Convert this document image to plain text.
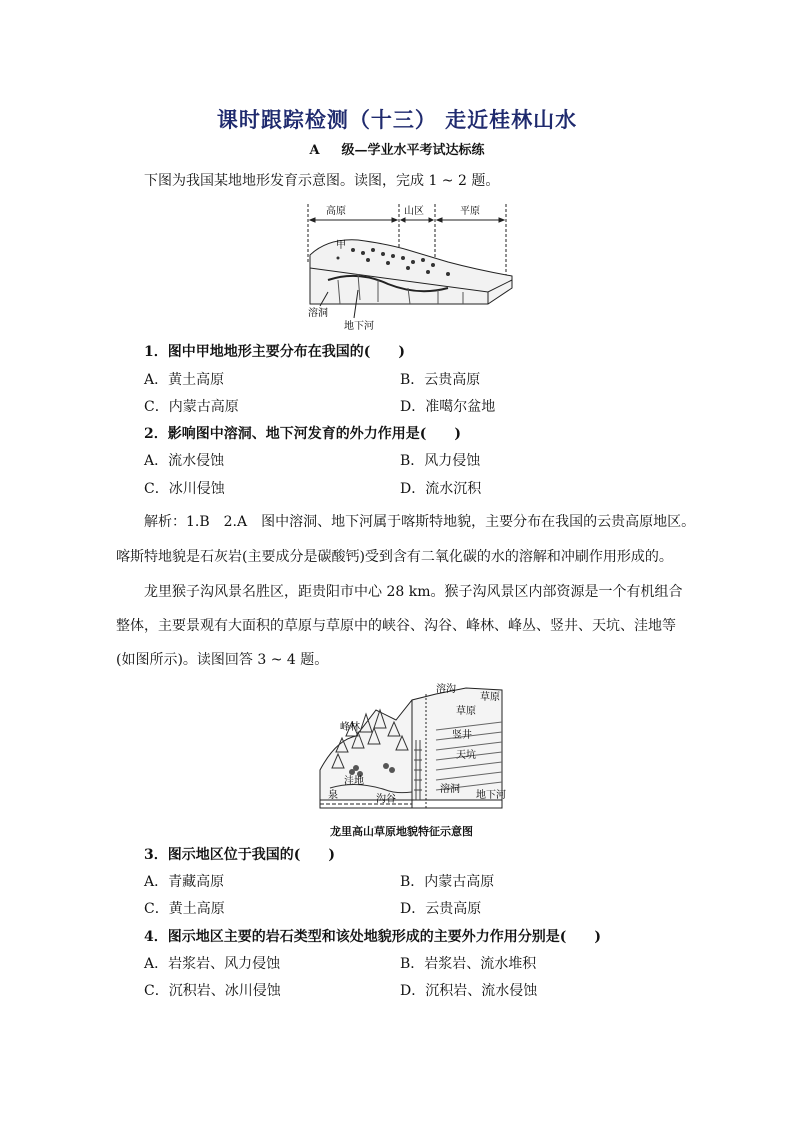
课时跟踪检测（十三） 走近桂林山水
A 级—学业水平考试达标练
下图为我国某地地形发育示意图。读图，完成 1 ~ 2 题。
高原	山区	平原
甲
溶洞
地下河
1．图中甲地地形主要分布在我国的(　　)
A．黄土高原	B．云贵高原
C．内蒙古高原	D．准噶尔盆地
2．影响图中溶洞、地下河发育的外力作用是(　　)
A．流水侵蚀	B．风力侵蚀
C．冰川侵蚀	D．流水沉积
解析：1.B　2.A　图中溶洞、地下河属于喀斯特地貌，主要分布在我国的云贵高原地区。
喀斯特地貌是石灰岩(主要成分是碳酸钙)受到含有二氧化碳的水的溶解和冲刷作用形成的。
龙里猴子沟风景名胜区，距贵阳市中心 28 km。猴子沟风景区内部资源是一个有机组合整体，主要景观有大面积的草原与草原中的峡谷、沟谷、峰林、峰丛、竖井、天坑、洼地等(如图所示)。读图回答 3 ~ 4 题。
溶沟
草原
草原
峰林
洼地
竖井
天坑
溶洞
地下河
泉	沟谷
龙里高山草原地貌特征示意图
3．图示地区位于我国的(　　)
A．青藏高原	B．内蒙古高原
C．黄土高原	D．云贵高原
4．图示地区主要的岩石类型和该处地貌形成的主要外力作用分别是(　　)
A．岩浆岩、风力侵蚀	B．岩浆岩、流水堆积
C．沉积岩、冰川侵蚀	D．沉积岩、流水侵蚀
